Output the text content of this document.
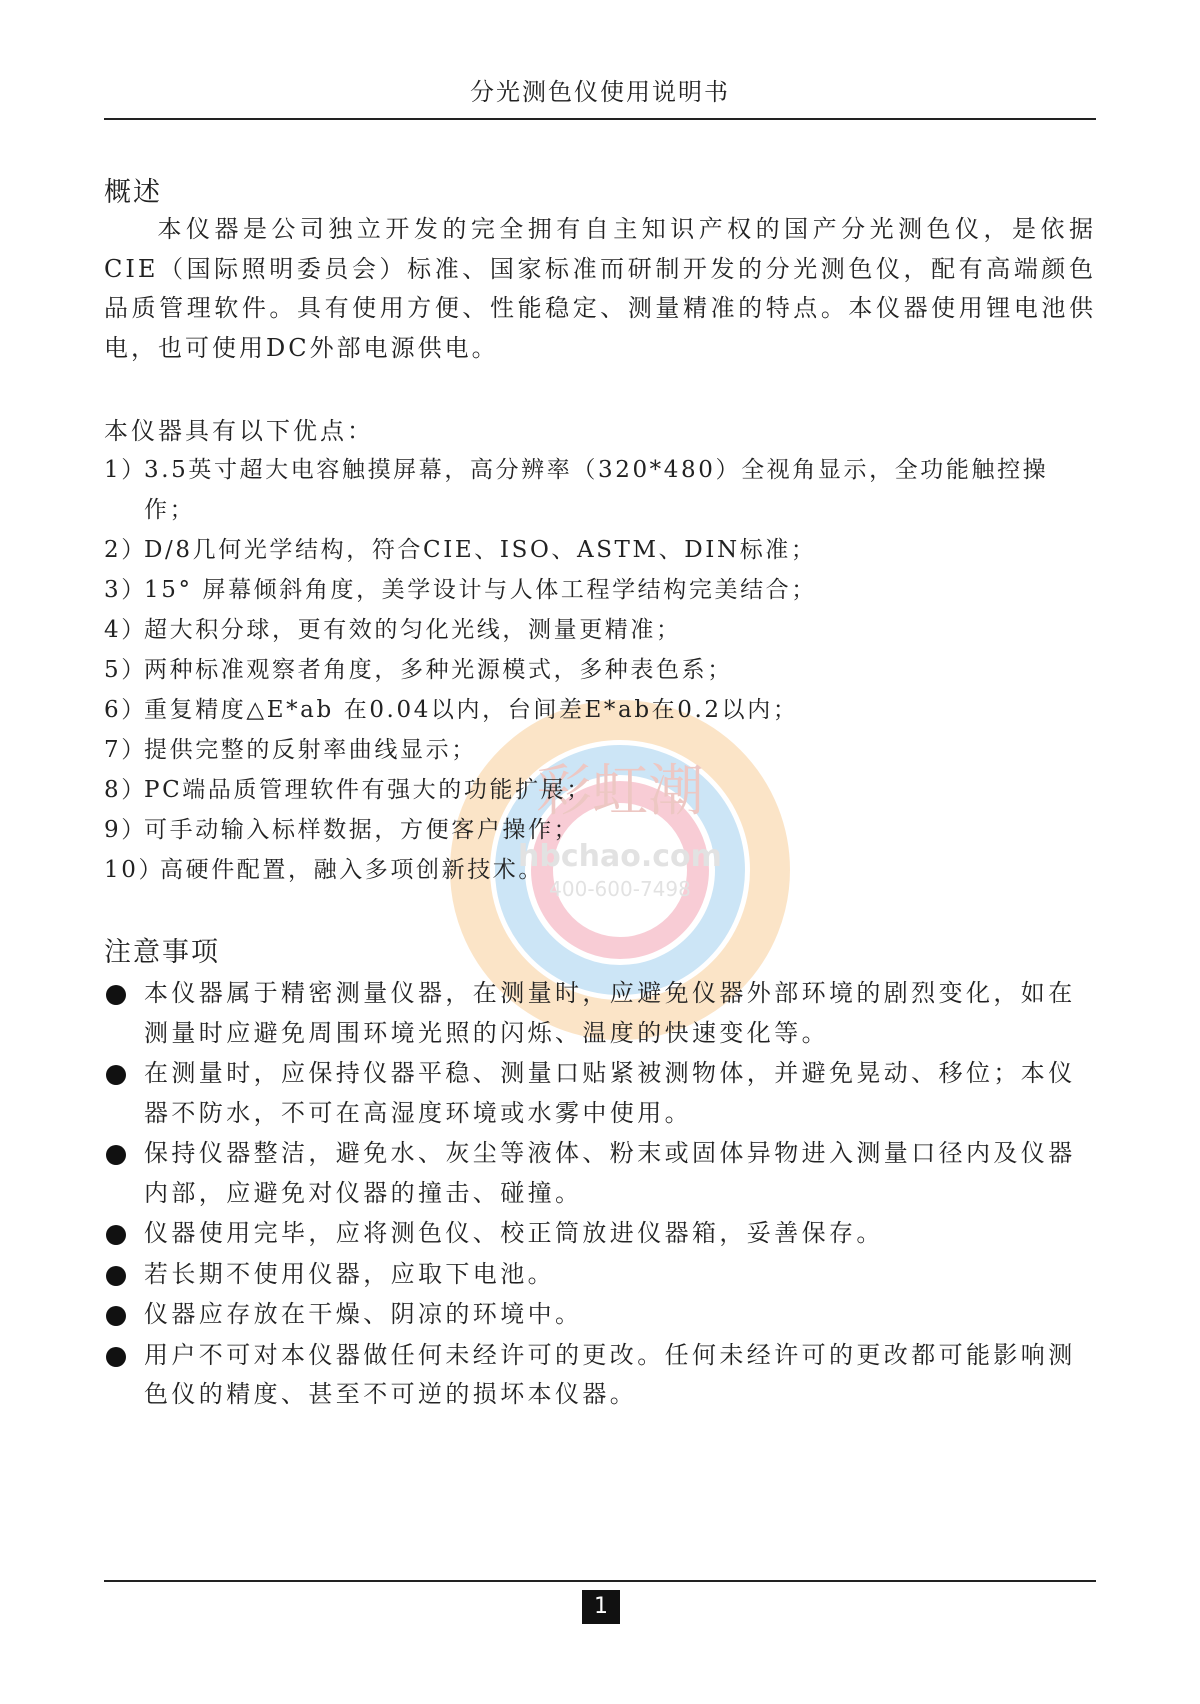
分光测色仪使用说明书
彩虹潮
hbchao.com
400-600-7498
概述

本仪器是公司独立开发的完全拥有自主知识产权的国产分光测色仪，是依据CIE（国际照明委员会）标准、国家标准而研制开发的分光测色仪，配有高端颜色品质管理软件。具有使用方便、性能稳定、测量精准的特点。本仪器使用锂电池供电，也可使用DC外部电源供电。

本仪器具有以下优点：

1）
3.5英寸超大电容触摸屏幕，高分辨率（320*480）全视角显示，全功能触控操作；
2）
D/8几何光学结构，符合CIE、ISO、ASTM、DIN标准；
3）
15° 屏幕倾斜角度，美学设计与人体工程学结构完美结合；
4）
超大积分球，更有效的匀化光线，测量更精准；
5）
两种标准观察者角度，多种光源模式，多种表色系；
6）
重复精度△E*ab 在0.04以内，台间差E*ab在0.2以内；
7）
提供完整的反射率曲线显示；
8）
PC端品质管理软件有强大的功能扩展；
9）
可手动输入标样数据，方便客户操作；
10）
高硬件配置，融入多项创新技术。
注意事项
本仪器属于精密测量仪器，在测量时，应避免仪器外部环境的剧烈变化，如在测量时应避免周围环境光照的闪烁、温度的快速变化等。
在测量时，应保持仪器平稳、测量口贴紧被测物体，并避免晃动、移位；本仪器不防水，不可在高湿度环境或水雾中使用。
保持仪器整洁，避免水、灰尘等液体、粉末或固体异物进入测量口径内及仪器内部，应避免对仪器的撞击、碰撞。
仪器使用完毕，应将测色仪、校正筒放进仪器箱，妥善保存。
若长期不使用仪器，应取下电池。
仪器应存放在干燥、阴凉的环境中。
用户不可对本仪器做任何未经许可的更改。任何未经许可的更改都可能影响测色仪的精度、甚至不可逆的损坏本仪器。
1
